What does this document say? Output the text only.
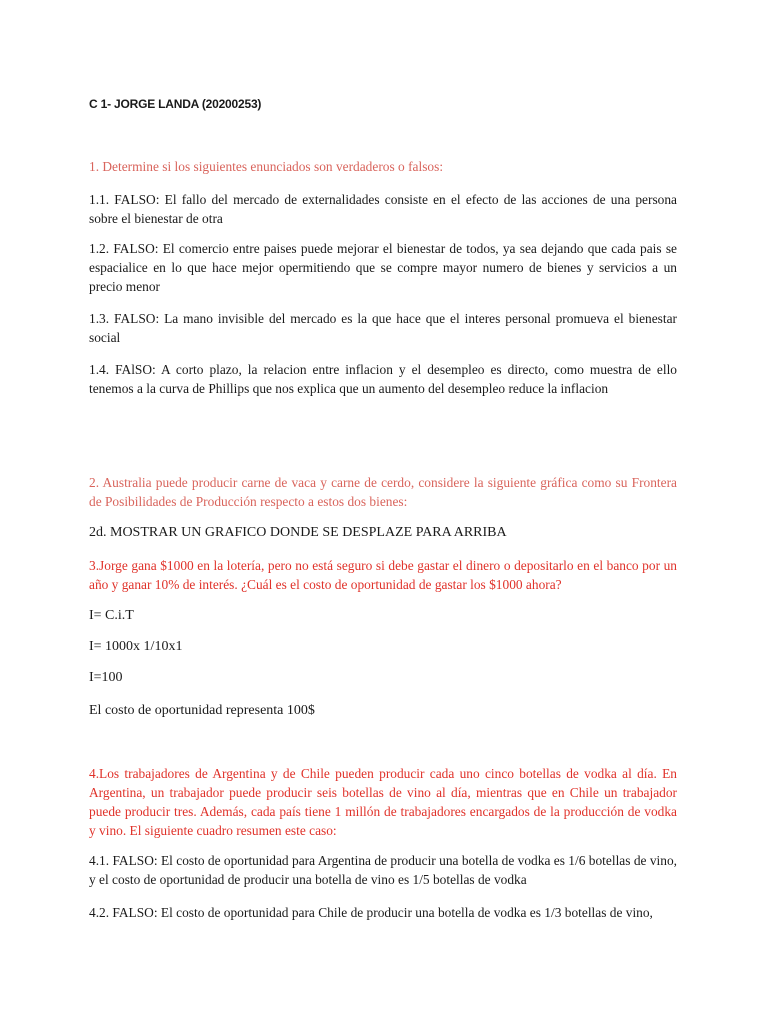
C 1- JORGE LANDA (20200253)

1. Determine si los siguientes enunciados son verdaderos o falsos:

1.1. FALSO: El fallo del mercado de externalidades consiste en el efecto de las acciones de una persona sobre el bienestar de otra

1.2. FALSO: El comercio entre paises puede mejorar el bienestar de todos, ya sea dejando que cada pais se espacialice en lo que hace mejor opermitiendo que se compre mayor numero de bienes y servicios a un precio menor

1.3. FALSO: La mano invisible del mercado es la que hace que el interes personal promueva el bienestar social

1.4. FAlSO: A corto plazo, la relacion entre inflacion y el desempleo es directo, como muestra de ello tenemos a la curva de Phillips que nos explica que un aumento del desempleo reduce la inflacion

2. Australia puede producir carne de vaca y carne de cerdo, considere la siguiente gráfica como su Frontera de Posibilidades de Producción respecto a estos dos bienes:

2d. MOSTRAR UN GRAFICO DONDE SE DESPLAZE PARA ARRIBA

3.Jorge gana $1000 en la lotería, pero no está seguro si debe gastar el dinero o depositarlo en el banco por un año y ganar 10% de interés. ¿Cuál es el costo de oportunidad de gastar los $1000 ahora?

I= C.i.T

I= 1000x 1/10x1

I=100

El costo de oportunidad representa 100$

4.Los trabajadores de Argentina y de Chile pueden producir cada uno cinco botellas de vodka al día. En Argentina, un trabajador puede producir seis botellas de vino al día, mientras que en Chile un trabajador puede producir tres. Además, cada país tiene 1 millón de trabajadores encargados de la producción de vodka y vino. El siguiente cuadro resumen este caso:

4.1. FALSO: El costo de oportunidad para Argentina de producir una botella de vodka es 1/6 botellas de vino, y el costo de oportunidad de producir una botella de vino es 1/5 botellas de vodka

4.2. FALSO: El costo de oportunidad para Chile de producir una botella de vodka es 1/3 botellas de vino,
